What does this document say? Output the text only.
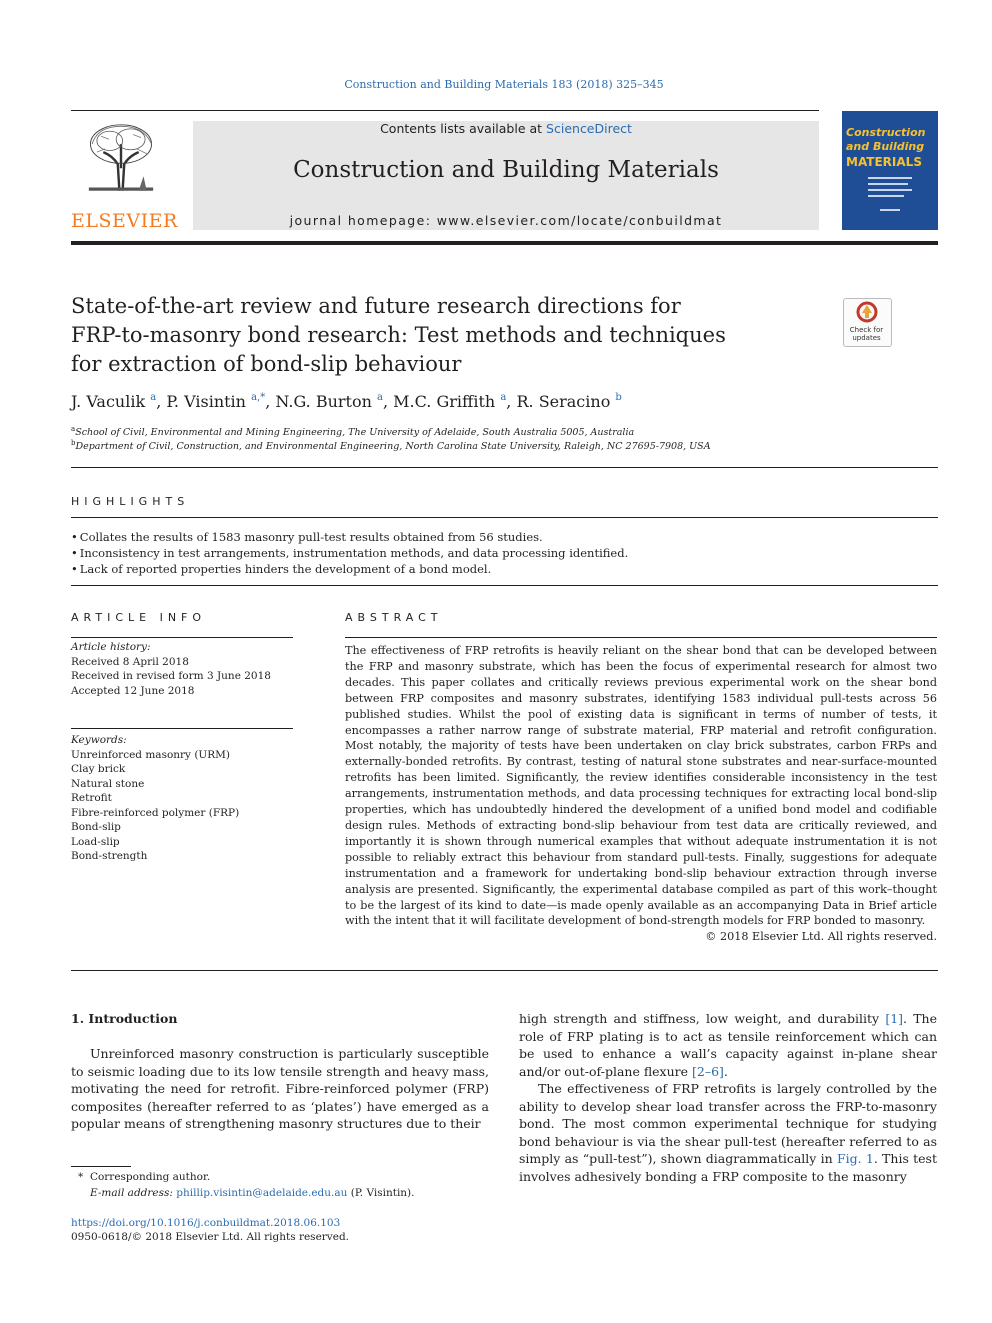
Construction and Building Materials 183 (2018) 325–345
ELSEVIER
Contents lists available at ScienceDirect
Construction and Building Materials
journal homepage: www.elsevier.com/locate/conbuildmat
Construction
and Building
MATERIALS
State-of-the-art review and future research directions for
FRP-to-masonry bond research: Test methods and techniques
for extraction of bond-slip behaviour
Check for
updates
J. Vaculik $^a$, P. Visintin $^{a,*}$, N.G. Burton $^a$, M.C. Griffith $^a$, R. Seracino $^b$
$^a$School of Civil, Environmental and Mining Engineering, The University of Adelaide, South Australia 5005, Australia
$^b$Department of Civil, Construction, and Environmental Engineering, North Carolina State University, Raleigh, NC 27695-7908, USA
HIGHLIGHTS
• Collates the results of 1583 masonry pull-test results obtained from 56 studies.
• Inconsistency in test arrangements, instrumentation methods, and data processing identified.
• Lack of reported properties hinders the development of a bond model.
ARTICLE INFO
Article history:
Received 8 April 2018
Received in revised form 3 June 2018
Accepted 12 June 2018
Keywords:
Unreinforced masonry (URM)
Clay brick
Natural stone
Retrofit
Fibre-reinforced polymer (FRP)
Bond-slip
Load-slip
Bond-strength
ABSTRACT
The effectiveness of FRP retrofits is heavily reliant on the shear bond that can be developed between the FRP and masonry substrate, which has been the focus of experimental research for almost two decades. This paper collates and critically reviews previous experimental work on the shear bond between FRP composites and masonry substrates, identifying 1583 individual pull-tests across 56 published studies. Whilst the pool of existing data is significant in terms of number of tests, it encompasses a rather narrow range of substrate material, FRP material and retrofit configuration. Most notably, the majority of tests have been undertaken on clay brick substrates, carbon FRPs and externally-bonded retrofits. By contrast, testing of natural stone substrates and near-surface-mounted retrofits has been limited. Significantly, the review identifies considerable inconsistency in the test arrangements, instrumentation methods, and data processing techniques for extracting local bond-slip properties, which has undoubtedly hindered the development of a unified bond model and codifiable design rules. Methods of extracting bond-slip behaviour from test data are critically reviewed, and importantly it is shown through numerical examples that without adequate instrumentation it is not possible to reliably extract this behaviour from standard pull-tests. Finally, suggestions for adequate instrumentation and a framework for undertaking bond-slip behaviour extraction through inverse analysis are presented. Significantly, the experimental database compiled as part of this work–thought to be the largest of its kind to date—is made openly available as an accompanying Data in Brief article with the intent that it will facilitate development of bond-strength models for FRP bonded to masonry.
© 2018 Elsevier Ltd. All rights reserved.
1. Introduction
Unreinforced masonry construction is particularly susceptible to seismic loading due to its low tensile strength and heavy mass, motivating the need for retrofit. Fibre-reinforced polymer (FRP) composites (hereafter referred to as ‘plates’) have emerged as a popular means of strengthening masonry structures due to their

high strength and stiffness, low weight, and durability [1]. The role of FRP plating is to act as tensile reinforcement which can be used to enhance a wall’s capacity against in-plane shear and/or out-of-plane flexure [2–6].

The effectiveness of FRP retrofits is largely controlled by the ability to develop shear load transfer across the FRP-to-masonry bond. The most common experimental technique for studying bond behaviour is via the shear pull-test (hereafter referred to as simply as “pull-test”), shown diagrammatically in Fig. 1. This test involves adhesively bonding a FRP composite to the masonry

* Corresponding author.
E-mail address: phillip.visintin@adelaide.edu.au (P. Visintin).
https://doi.org/10.1016/j.conbuildmat.2018.06.103
0950-0618/© 2018 Elsevier Ltd. All rights reserved.
